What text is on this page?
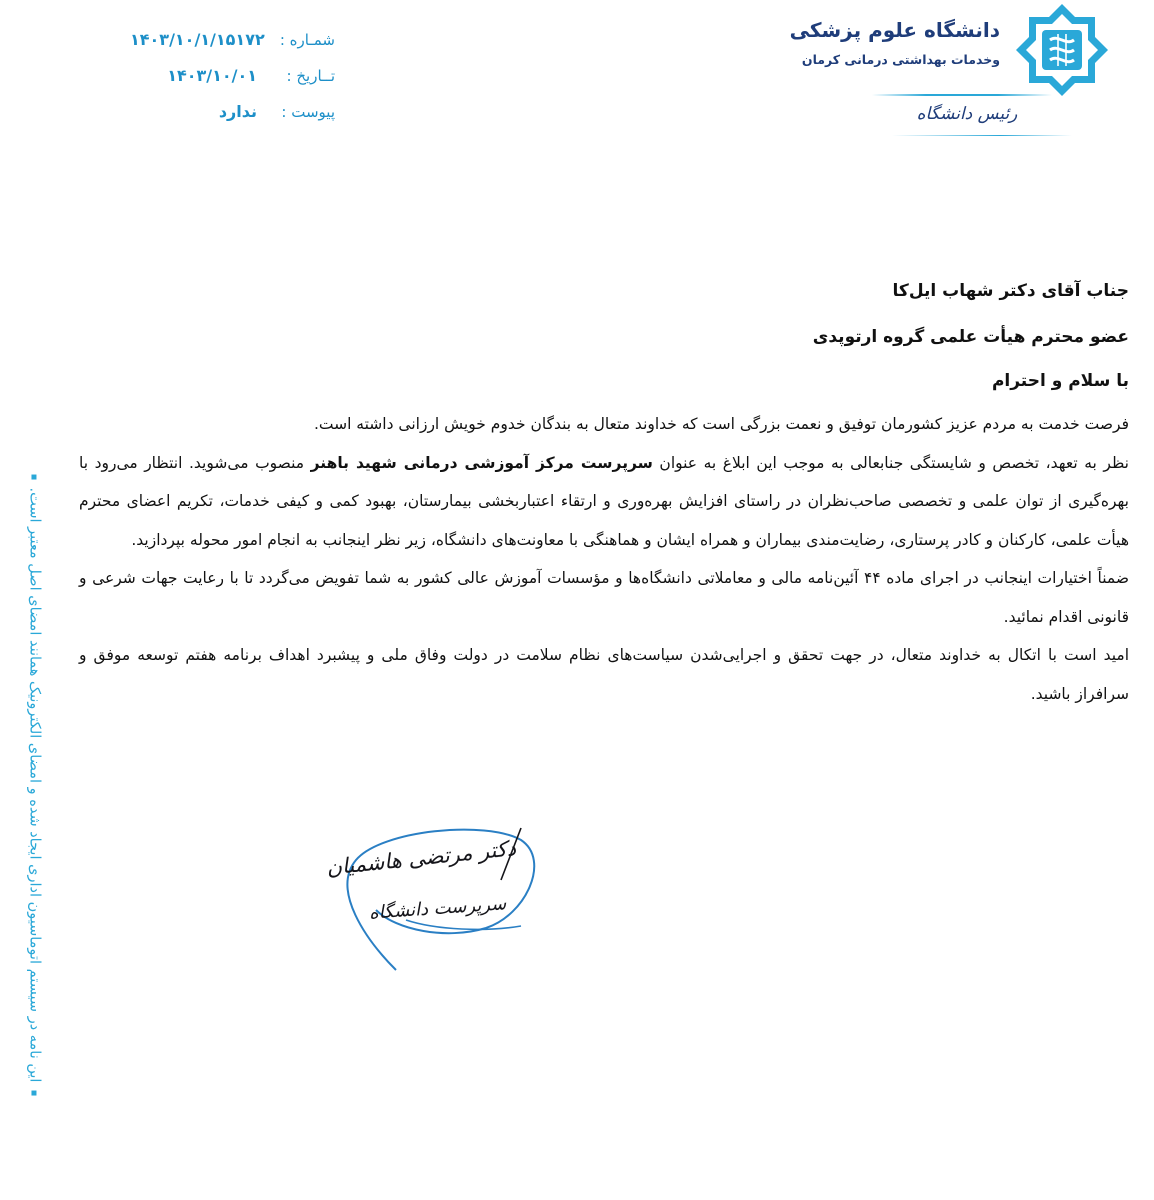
دانشگاه علوم پزشکی
وخدمات بهداشتی درمانی کرمان
رئیس دانشگاه
شمـاره :
۱۴۰۳/۱۰/۱/۱۵۱۷۲
تــاریخ :
۱۴۰۳/۱۰/۰۱
پیوست :
ندارد
این نامه در سیستم اتوماسیون اداری ایجاد شده و امضای الکترونیک همانند امضای اصل معتبر است.
جناب آقای دکتر شهاب ایل‌کا
عضو محترم هیأت علمی گروه ارتوپدی
با سلام و احترام

فرصت خدمت به مردم عزیز کشورمان توفیق و نعمت بزرگی است که خداوند متعال به بندگان خدوم خویش ارزانی داشته است.

نظر به تعهد، تخصص و شایستگی جنابعالی به موجب این ابلاغ به عنوان سرپرست مرکز آموزشی درمانی شهید باهنر منصوب می‌شوید. انتظار می‌رود با بهره‌گیری از توان علمی و تخصصی صاحب‌نظران در راستای افزایش بهره‌وری و ارتقاء اعتباربخشی بیمارستان، بهبود کمی و کیفی خدمات، تکریم اعضای محترم هیأت علمی، کارکنان و کادر پرستاری، رضایت‌مندی بیماران و همراه ایشان و هماهنگی با معاونت‌های دانشگاه، زیر نظر اینجانب به انجام امور محوله بپردازید.

ضمناً اختیارات اینجانب در اجرای ماده ۴۴ آئین‌نامه مالی و معاملاتی دانشگاه‌ها و مؤسسات آموزش عالی کشور به شما تفویض می‌گردد تا با رعایت جهات شرعی و قانونی اقدام نمائید.

امید است با اتکال به خداوند متعال، در جهت تحقق و اجرایی‌شدن سیاست‌های نظام سلامت در دولت وفاق ملی و پیشبرد اهداف برنامه هفتم توسعه موفق و سرافراز باشید.

دکتر مرتضی هاشمیان
سرپرست دانشگاه
